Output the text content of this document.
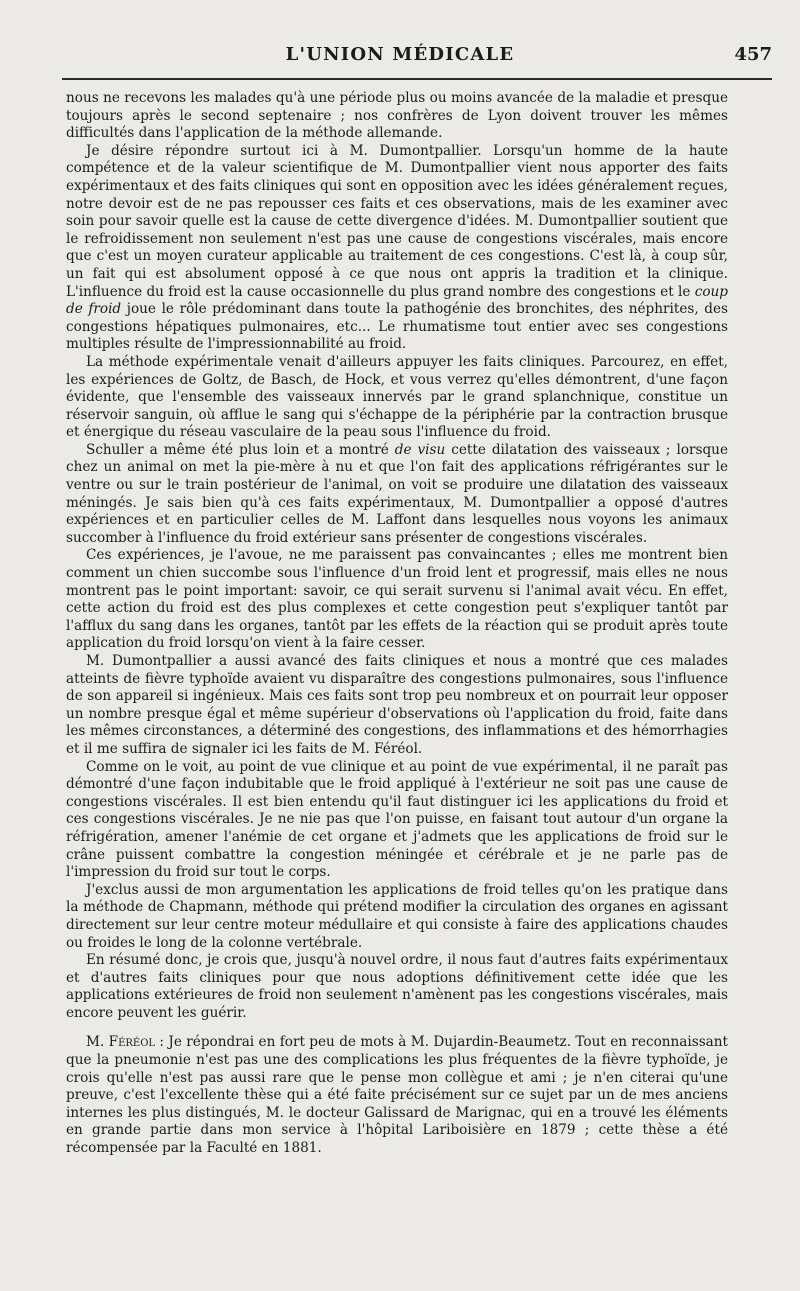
L'UNION MÉDICALE	457

nous ne recevons les malades qu'à une période plus ou moins avancée de la maladie et presque toujours après le second septenaire ; nos confrères de Lyon doivent trouver les mêmes difficultés dans l'application de la méthode allemande.

Je désire répondre surtout ici à M. Dumontpallier. Lorsqu'un homme de la haute compétence et de la valeur scientifique de M. Dumontpallier vient nous apporter des faits expérimentaux et des faits cliniques qui sont en opposition avec les idées généralement reçues, notre devoir est de ne pas repousser ces faits et ces observations, mais de les examiner avec soin pour savoir quelle est la cause de cette divergence d'idées. M. Dumontpallier soutient que le refroidissement non seulement n'est pas une cause de congestions viscérales, mais encore que c'est un moyen curateur applicable au traitement de ces congestions. C'est là, à coup sûr, un fait qui est absolument opposé à ce que nous ont appris la tradition et la clinique. L'influence du froid est la cause occasionnelle du plus grand nombre des congestions et le coup de froid joue le rôle prédominant dans toute la pathogénie des bronchites, des néphrites, des congestions hépatiques pulmonaires, etc... Le rhumatisme tout entier avec ses congestions multiples résulte de l'impressionnabilité au froid.

La méthode expérimentale venait d'ailleurs appuyer les faits cliniques. Parcourez, en effet, les expériences de Goltz, de Basch, de Hock, et vous verrez qu'elles démontrent, d'une façon évidente, que l'ensemble des vaisseaux innervés par le grand splanchnique, constitue un réservoir sanguin, où afflue le sang qui s'échappe de la périphérie par la contraction brusque et énergique du réseau vasculaire de la peau sous l'influence du froid.

Schuller a même été plus loin et a montré de visu cette dilatation des vaisseaux ; lorsque chez un animal on met la pie-mère à nu et que l'on fait des applications réfrigérantes sur le ventre ou sur le train postérieur de l'animal, on voit se produire une dilatation des vaisseaux méningés. Je sais bien qu'à ces faits expérimentaux, M. Dumontpallier a opposé d'autres expériences et en particulier celles de M. Laffont dans lesquelles nous voyons les animaux succomber à l'influence du froid extérieur sans présenter de congestions viscérales.

Ces expériences, je l'avoue, ne me paraissent pas convaincantes ; elles me montrent bien comment un chien succombe sous l'influence d'un froid lent et progressif, mais elles ne nous montrent pas le point important: savoir, ce qui serait survenu si l'animal avait vécu. En effet, cette action du froid est des plus complexes et cette congestion peut s'expliquer tantôt par l'afflux du sang dans les organes, tantôt par les effets de la réaction qui se produit après toute application du froid lorsqu'on vient à la faire cesser.

M. Dumontpallier a aussi avancé des faits cliniques et nous a montré que ces malades atteints de fièvre typhoïde avaient vu disparaître des congestions pulmonaires, sous l'influence de son appareil si ingénieux. Mais ces faits sont trop peu nombreux et on pourrait leur opposer un nombre presque égal et même supérieur d'observations où l'application du froid, faite dans les mêmes circonstances, a déterminé des congestions, des inflammations et des hémorrhagies et il me suffira de signaler ici les faits de M. Féréol.

Comme on le voit, au point de vue clinique et au point de vue expérimental, il ne paraît pas démontré d'une façon indubitable que le froid appliqué à l'extérieur ne soit pas une cause de congestions viscérales. Il est bien entendu qu'il faut distinguer ici les applications du froid et ces congestions viscérales. Je ne nie pas que l'on puisse, en faisant tout autour d'un organe la réfrigération, amener l'anémie de cet organe et j'admets que les applications de froid sur le crâne puissent combattre la congestion méningée et cérébrale et je ne parle pas de l'impression du froid sur tout le corps.

J'exclus aussi de mon argumentation les applications de froid telles qu'on les pratique dans la méthode de Chapmann, méthode qui prétend modifier la circulation des organes en agissant directement sur leur centre moteur médullaire et qui consiste à faire des applications chaudes ou froides le long de la colonne vertébrale.

En résumé donc, je crois que, jusqu'à nouvel ordre, il nous faut d'autres faits expérimentaux et d'autres faits cliniques pour que nous adoptions définitivement cette idée que les applications extérieures de froid non seulement n'amènent pas les congestions viscérales, mais encore peuvent les guérir.

M. Féréol : Je répondrai en fort peu de mots à M. Dujardin-Beaumetz. Tout en reconnaissant que la pneumonie n'est pas une des complications les plus fréquentes de la fièvre typhoïde, je crois qu'elle n'est pas aussi rare que le pense mon collègue et ami ; je n'en citerai qu'une preuve, c'est l'excellente thèse qui a été faite précisément sur ce sujet par un de mes anciens internes les plus distingués, M. le docteur Galissard de Marignac, qui en a trouvé les éléments en grande partie dans mon service à l'hôpital Lariboisière en 1879 ; cette thèse a été récompensée par la Faculté en 1881.
